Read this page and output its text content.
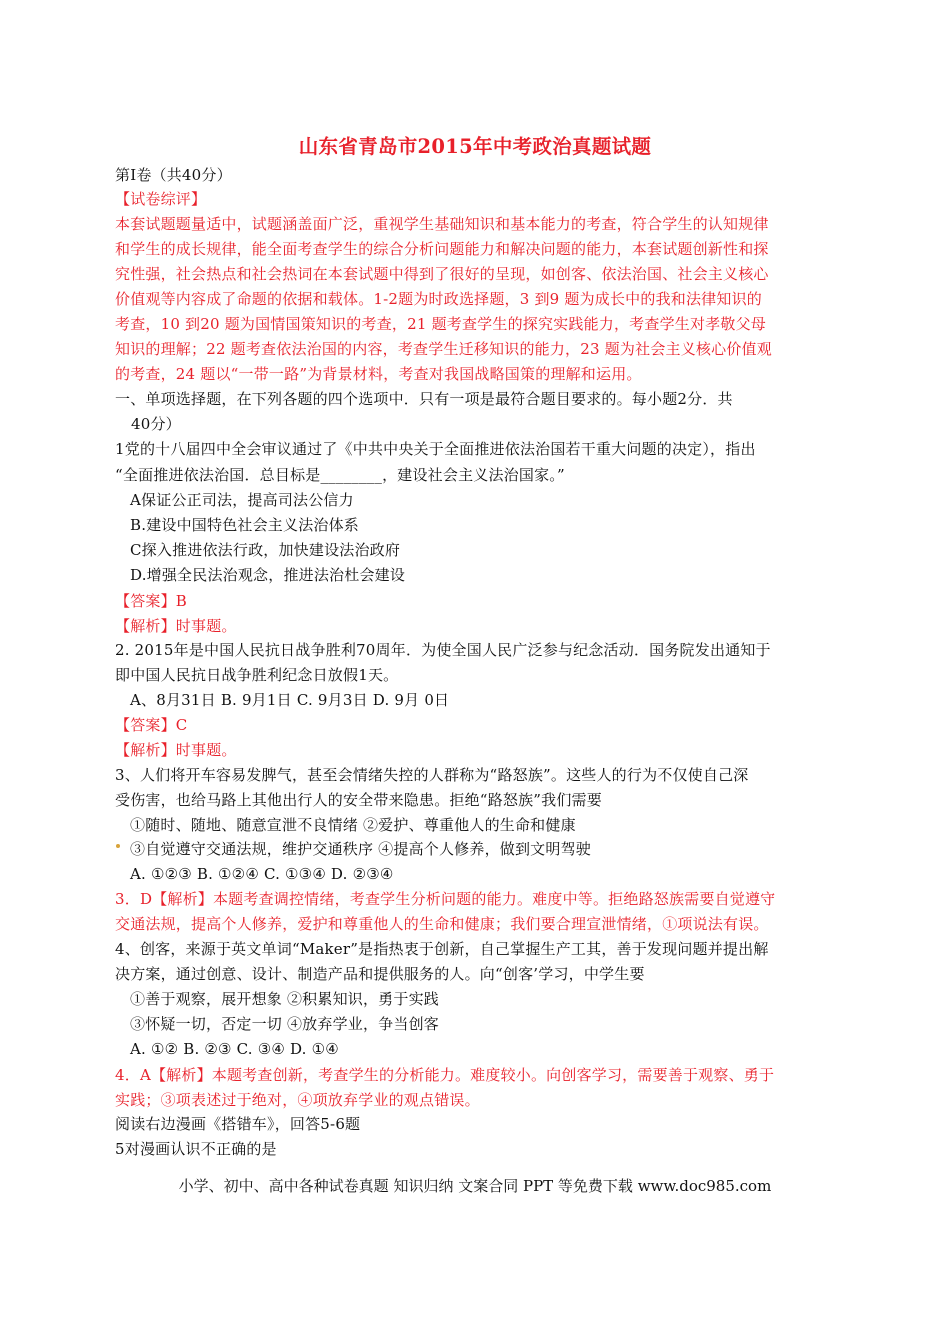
山东省青岛市2015年中考政治真题试题
第Ⅰ卷（共40分）
【试卷综评】
本套试题题量适中，试题涵盖面广泛，重视学生基础知识和基本能力的考查，符合学生的认知规律
和学生的成长规律，能全面考查学生的综合分析问题能力和解决问题的能力，本套试题创新性和探
究性强，社会热点和社会热词在本套试题中得到了很好的呈现，如创客、依法治国、社会主义核心
价值观等内容成了命题的依据和载体。1-2题为时政选择题，3 到9 题为成长中的我和法律知识的
考查，10 到20 题为国情国策知识的考查，21 题考查学生的探究实践能力，考查学生对孝敬父母
知识的理解；22 题考查依法治国的内容，考查学生迁移知识的能力，23 题为社会主义核心价值观
的考查，24 题以“一带一路”为背景材料，考查对我国战略国策的理解和运用。
一、单项选择题，在下列各题的四个选项中．只有一项是最符合题目要求的。每小题2分．共
40分）
1党的十八届四中全会审议通过了《中共中央关于全面推进依法治国若干重大问题的决定），指出
“全面推进依法治国．总目标是________，建设社会主义法治国家。”
A保证公正司法，提高司法公信力
B.建设中国特色社会主义法治体系
C探入推进依法行政，加快建设法治政府
D.增强全民法治观念，推进法治杜会建设
【答案】B
【解析】时事题。
2. 2015年是中国人民抗日战争胜利70周年．为使全国人民广泛参与纪念活动．国务院发出通知于
即中国人民抗日战争胜利纪念日放假1天。
A、8月31日 B. 9月1日 C. 9月3日 D. 9月 0日
【答案】C
【解析】时事题。
3、人们将开车容易发脾气，甚至会情绪失控的人群称为“路怒族”。这些人的行为不仅使自己深
受伤害，也给马路上其他出行人的安全带来隐患。拒绝“路怒族”我们需要
①随时、随地、随意宣泄不良情绪 ②爱护、尊重他人的生命和健康
③自觉遵守交通法规，维护交通秩序 ④提高个人修养，做到文明驾驶
A. ①②③ B. ①②④ C. ①③④ D. ②③④
3．D【解析】本题考查调控情绪，考查学生分析问题的能力。难度中等。拒绝路怒族需要自觉遵守
交通法规，提高个人修养，爱护和尊重他人的生命和健康；我们要合理宣泄情绪，①项说法有误。
4、创客，来源于英文单词“Maker”是指热衷于创新，自己掌握生产工其，善于发现问题并提出解
决方案，通过创意、设计、制造产品和提供服务的人。向“创客’学习，中学生要
①善于观察，展开想象 ②积累知识，勇于实践
③怀疑一切，否定一切 ④放弃学业，争当创客
A. ①② B. ②③ C. ③④ D. ①④
4．A【解析】本题考查创新，考查学生的分析能力。难度较小。向创客学习，需要善于观察、勇于
实践；③项表述过于绝对，④项放弃学业的观点错误。
阅读右边漫画《搭错车》，回答5-6题
5对漫画认识不正确的是
小学、初中、高中各种试卷真题 知识归纳 文案合同 PPT 等免费下载 www.doc985.com
